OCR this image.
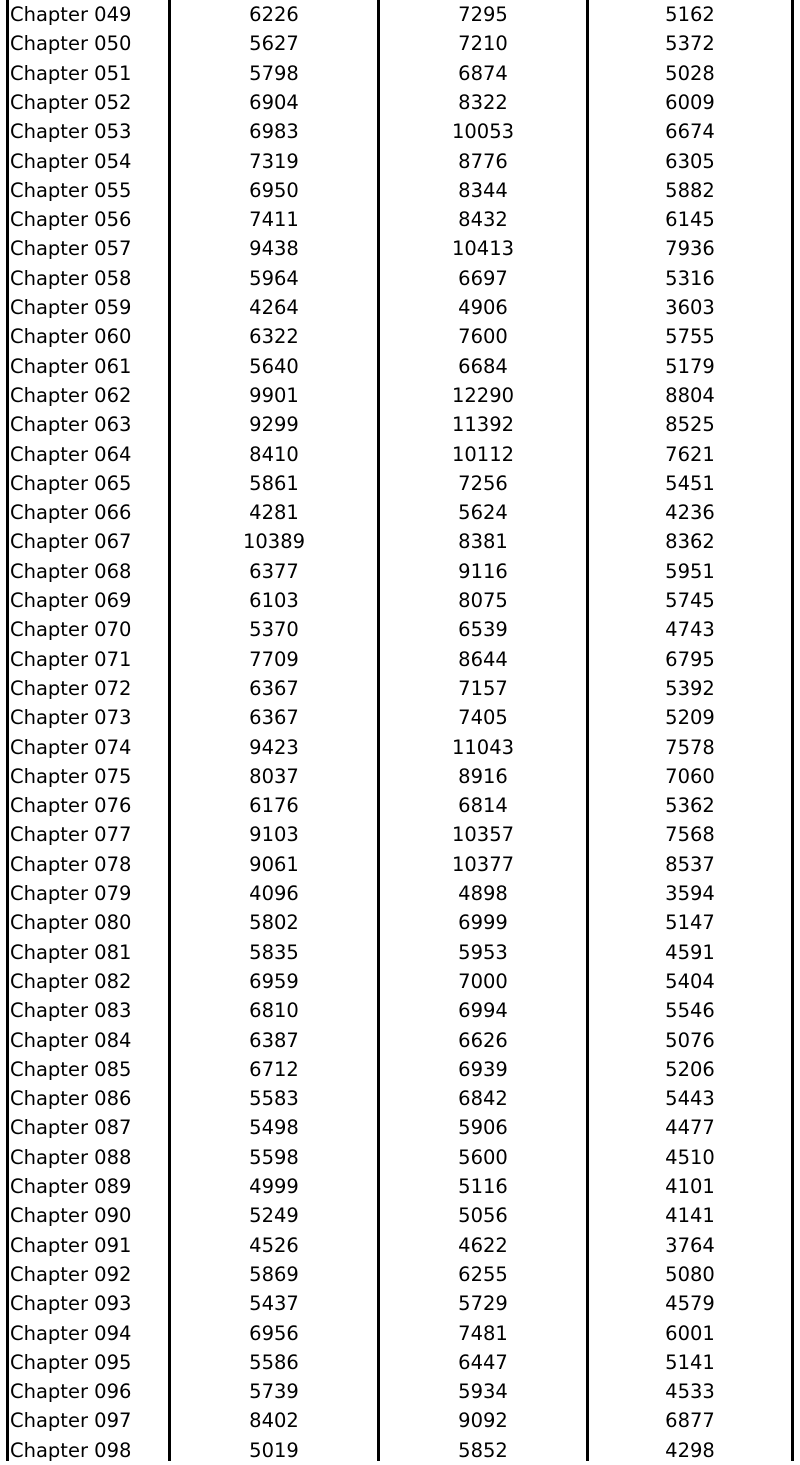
Chapter 049	6226	7295	5162
Chapter 050	5627	7210	5372
Chapter 051	5798	6874	5028
Chapter 052	6904	8322	6009
Chapter 053	6983	10053	6674
Chapter 054	7319	8776	6305
Chapter 055	6950	8344	5882
Chapter 056	7411	8432	6145
Chapter 057	9438	10413	7936
Chapter 058	5964	6697	5316
Chapter 059	4264	4906	3603
Chapter 060	6322	7600	5755
Chapter 061	5640	6684	5179
Chapter 062	9901	12290	8804
Chapter 063	9299	11392	8525
Chapter 064	8410	10112	7621
Chapter 065	5861	7256	5451
Chapter 066	4281	5624	4236
Chapter 067	10389	8381	8362
Chapter 068	6377	9116	5951
Chapter 069	6103	8075	5745
Chapter 070	5370	6539	4743
Chapter 071	7709	8644	6795
Chapter 072	6367	7157	5392
Chapter 073	6367	7405	5209
Chapter 074	9423	11043	7578
Chapter 075	8037	8916	7060
Chapter 076	6176	6814	5362
Chapter 077	9103	10357	7568
Chapter 078	9061	10377	8537
Chapter 079	4096	4898	3594
Chapter 080	5802	6999	5147
Chapter 081	5835	5953	4591
Chapter 082	6959	7000	5404
Chapter 083	6810	6994	5546
Chapter 084	6387	6626	5076
Chapter 085	6712	6939	5206
Chapter 086	5583	6842	5443
Chapter 087	5498	5906	4477
Chapter 088	5598	5600	4510
Chapter 089	4999	5116	4101
Chapter 090	5249	5056	4141
Chapter 091	4526	4622	3764
Chapter 092	5869	6255	5080
Chapter 093	5437	5729	4579
Chapter 094	6956	7481	6001
Chapter 095	5586	6447	5141
Chapter 096	5739	5934	4533
Chapter 097	8402	9092	6877
Chapter 098	5019	5852	4298
